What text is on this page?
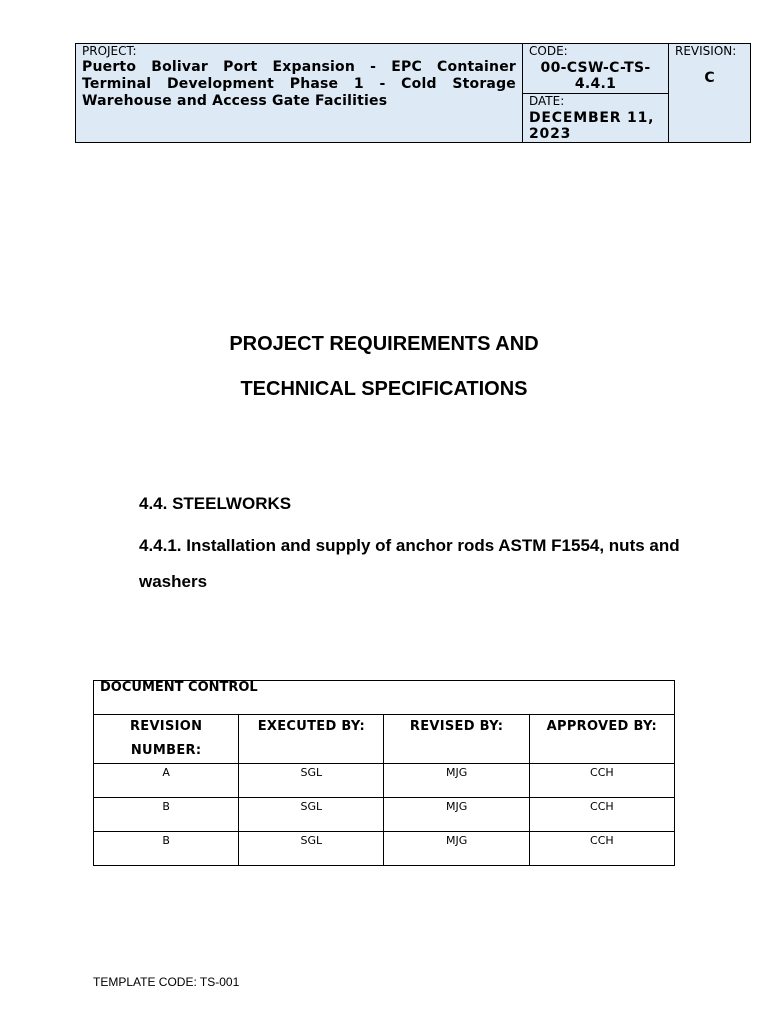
PROJECT:
Puerto Bolivar Port Expansion - EPC Container Terminal Development Phase 1 - Cold Storage Warehouse and Access Gate Facilities
CODE:
00-CSW-C-TS-4.4.1
DATE:
DECEMBER 11, 2023
REVISION:
C
PROJECT REQUIREMENTS AND
TECHNICAL SPECIFICATIONS
4.4. STEELWORKS
4.4.1. Installation and supply of anchor rods ASTM F1554, nuts and washers
DOCUMENT CONTROL			
REVISION NUMBER:	EXECUTED BY:	REVISED BY:	APPROVED BY:
A	SGL	MJG	CCH
B	SGL	MJG	CCH
B	SGL	MJG	CCH
TEMPLATE CODE: TS-001
